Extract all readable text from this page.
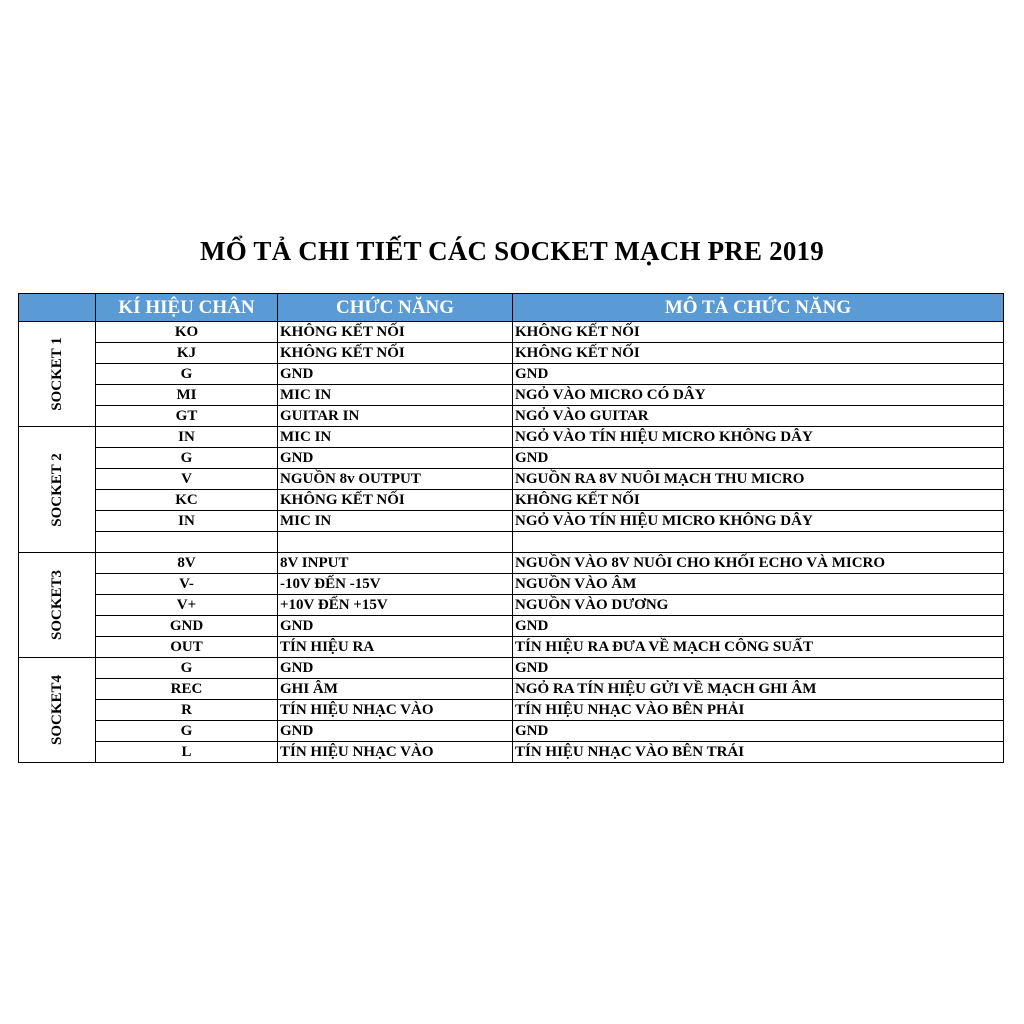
MỔ TẢ CHI TIẾT CÁC SOCKET MẠCH PRE 2019
	KÍ HIỆU CHÂN	CHỨC NĂNG	MÔ TẢ CHỨC NĂNG
SOCKET 1	KO	KHÔNG KẾT NỐI	KHÔNG KẾT NỐI
	KJ	KHÔNG KẾT NỐI	KHÔNG KẾT NỐI
	G	GND	GND
	MI	MIC IN	NGỎ VÀO MICRO CÓ DÂY
	GT	GUITAR IN	NGỎ VÀO GUITAR
SOCKET 2	IN	MIC IN	NGỎ VÀO TÍN HIỆU MICRO KHÔNG DÂY
	G	GND	GND
	V	NGUỒN 8v OUTPUT	NGUỒN RA 8V NUÔI MẠCH THU MICRO
	KC	KHÔNG KẾT NỐI	KHÔNG KẾT NỐI
	IN	MIC IN	NGỎ VÀO TÍN HIỆU MICRO KHÔNG DÂY

SOCKET3	8V	8V INPUT	NGUỒN VÀO 8V NUÔI CHO KHỐI ECHO VÀ MICRO
	V-	-10V ĐẾN -15V	NGUỒN VÀO ÂM
	V+	+10V ĐẾN +15V	NGUỒN VÀO DƯƠNG
	GND	GND	GND
	OUT	TÍN HIỆU RA	TÍN HIỆU RA ĐƯA VỀ MẠCH CÔNG SUẤT
SOCKET4	G	GND	GND
	REC	GHI ÂM	NGỎ RA TÍN HIỆU GỬI VỀ MẠCH GHI ÂM
	R	TÍN HIỆU NHẠC VÀO	TÍN HIỆU NHẠC VÀO BÊN PHẢI
	G	GND	GND
	L	TÍN HIỆU NHẠC VÀO	TÍN HIỆU NHẠC VÀO BÊN TRÁI
